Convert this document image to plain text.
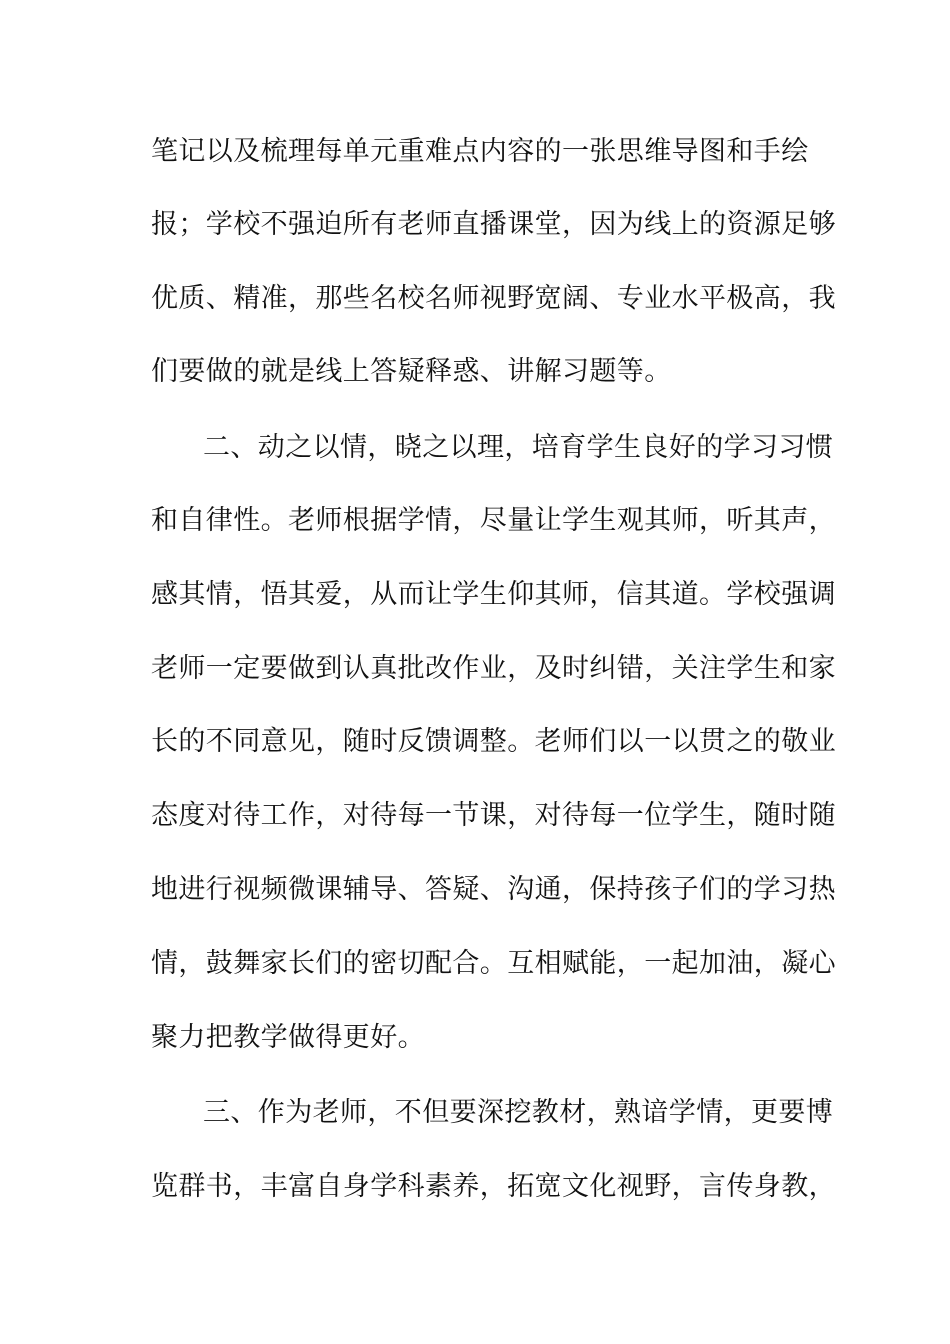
笔记以及梳理每单元重难点内容的一张思维导图和手绘
报；学校不强迫所有老师直播课堂，因为线上的资源足够
优质、精准，那些名校名师视野宽阔、专业水平极高，我
们要做的就是线上答疑释惑、讲解习题等。
二、动之以情，晓之以理，培育学生良好的学习习惯
和自律性。老师根据学情，尽量让学生观其师，听其声，
感其情，悟其爱，从而让学生仰其师，信其道。学校强调
老师一定要做到认真批改作业，及时纠错，关注学生和家
长的不同意见，随时反馈调整。老师们以一以贯之的敬业
态度对待工作，对待每一节课，对待每一位学生，随时随
地进行视频微课辅导、答疑、沟通，保持孩子们的学习热
情，鼓舞家长们的密切配合。互相赋能，一起加油，凝心
聚力把教学做得更好。
三、作为老师，不但要深挖教材，熟谙学情，更要博
览群书，丰富自身学科素养，拓宽文化视野，言传身教，
